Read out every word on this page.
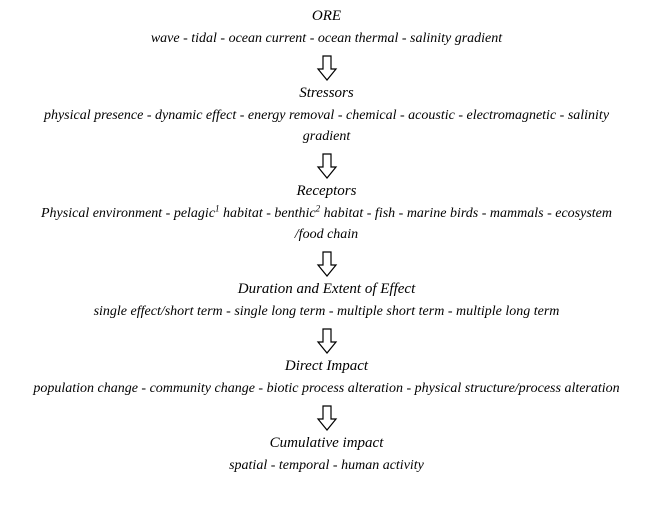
ORE
wave - tidal - ocean current - ocean thermal - salinity gradient
Stressors
physical presence - dynamic effect - energy removal - chemical - acoustic - electromagnetic - salinity gradient
Receptors
Physical environment - pelagic$^1$ habitat - benthic$^2$ habitat - fish - marine birds - mammals - ecosystem /food chain
Duration and Extent of Effect
single effect/short term - single long term - multiple short term - multiple long term
Direct Impact
population change - community change - biotic process alteration - physical structure/process alteration
Cumulative impact
spatial - temporal - human activity
